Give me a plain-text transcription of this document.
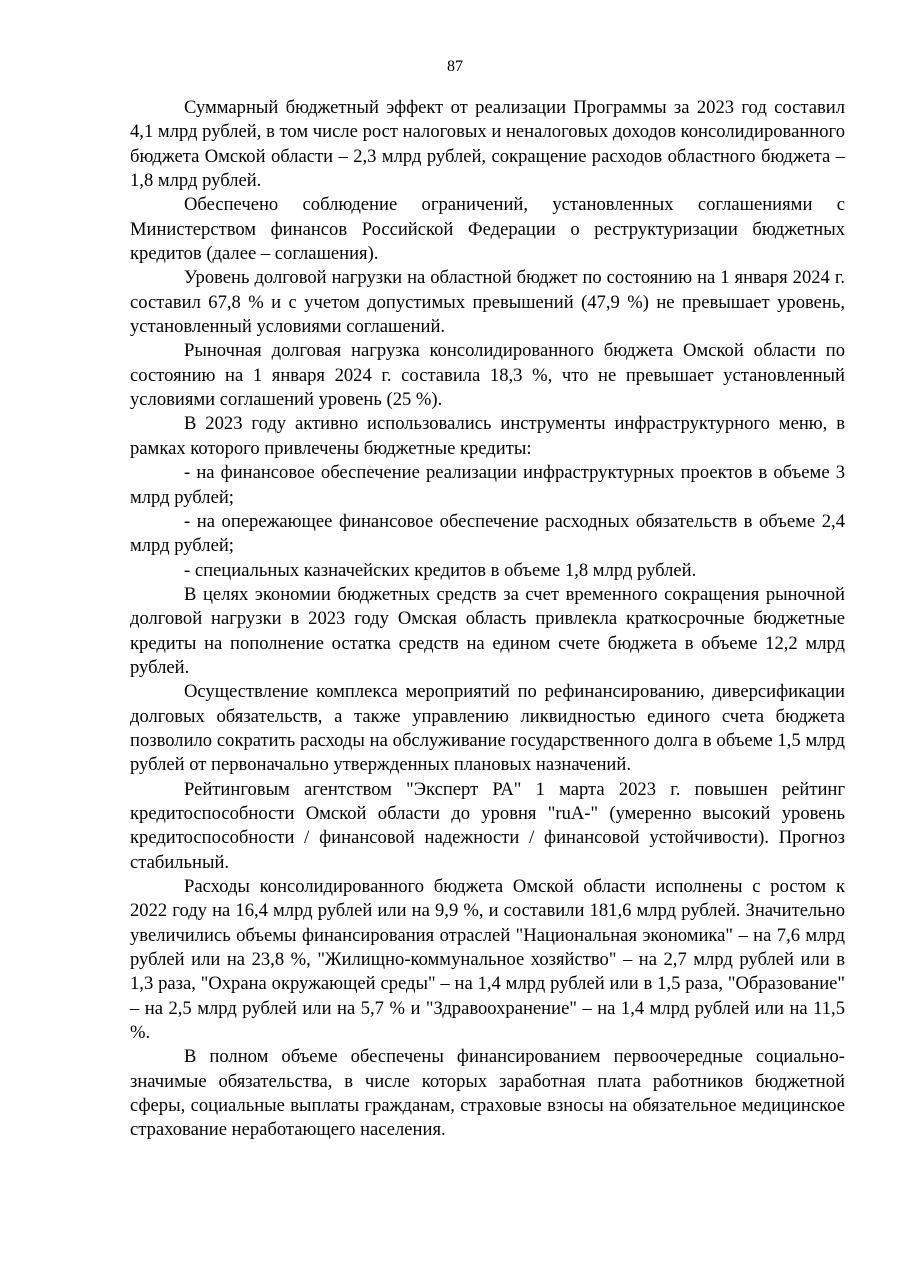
87

Суммарный бюджетный эффект от реализации Программы за 2023 год составил 4,1 млрд рублей, в том числе рост налоговых и неналоговых доходов консолидированного бюджета Омской области – 2,3 млрд рублей, сокращение расходов областного бюджета – 1,8 млрд рублей.

Обеспечено соблюдение ограничений, установленных соглашениями с Министерством финансов Российской Федерации о реструктуризации бюджетных кредитов (далее – соглашения).

Уровень долговой нагрузки на областной бюджет по состоянию на 1 января 2024 г. составил 67,8 % и с учетом допустимых превышений (47,9 %) не превышает уровень, установленный условиями соглашений.

Рыночная долговая нагрузка консолидированного бюджета Омской области по состоянию на 1 января 2024 г. составила 18,3 %, что не превышает установленный условиями соглашений уровень (25 %).

В 2023 году активно использовались инструменты инфраструктурного меню, в рамках которого привлечены бюджетные кредиты:

- на финансовое обеспечение реализации инфраструктурных проектов в объеме 3 млрд рублей;

- на опережающее финансовое обеспечение расходных обязательств в объеме 2,4 млрд рублей;

- специальных казначейских кредитов в объеме 1,8 млрд рублей.

В целях экономии бюджетных средств за счет временного сокращения рыночной долговой нагрузки в 2023 году Омская область привлекла краткосрочные бюджетные кредиты на пополнение остатка средств на едином счете бюджета в объеме 12,2 млрд рублей.

Осуществление комплекса мероприятий по рефинансированию, диверсификации долговых обязательств, а также управлению ликвидностью единого счета бюджета позволило сократить расходы на обслуживание государственного долга в объеме 1,5 млрд рублей от первоначально утвержденных плановых назначений.

Рейтинговым агентством "Эксперт РА" 1 марта 2023 г. повышен рейтинг кредитоспособности Омской области до уровня "ruA-" (умеренно высокий уровень кредитоспособности / финансовой надежности / финансовой устойчивости). Прогноз стабильный.

Расходы консолидированного бюджета Омской области исполнены с ростом к 2022 году на 16,4 млрд рублей или на 9,9 %, и составили 181,6 млрд рублей. Значительно увеличились объемы финансирования отраслей "Национальная экономика" – на 7,6 млрд рублей или на 23,8 %, "Жилищно-коммунальное хозяйство" – на 2,7 млрд рублей или в 1,3 раза, "Охрана окружающей среды" – на 1,4 млрд рублей или в 1,5 раза, "Образование" – на 2,5 млрд рублей или на 5,7 % и "Здравоохранение" – на 1,4 млрд рублей или на 11,5 %.

В полном объеме обеспечены финансированием первоочередные социально-значимые обязательства, в числе которых заработная плата работников бюджетной сферы, социальные выплаты гражданам, страховые взносы на обязательное медицинское страхование неработающего населения.
